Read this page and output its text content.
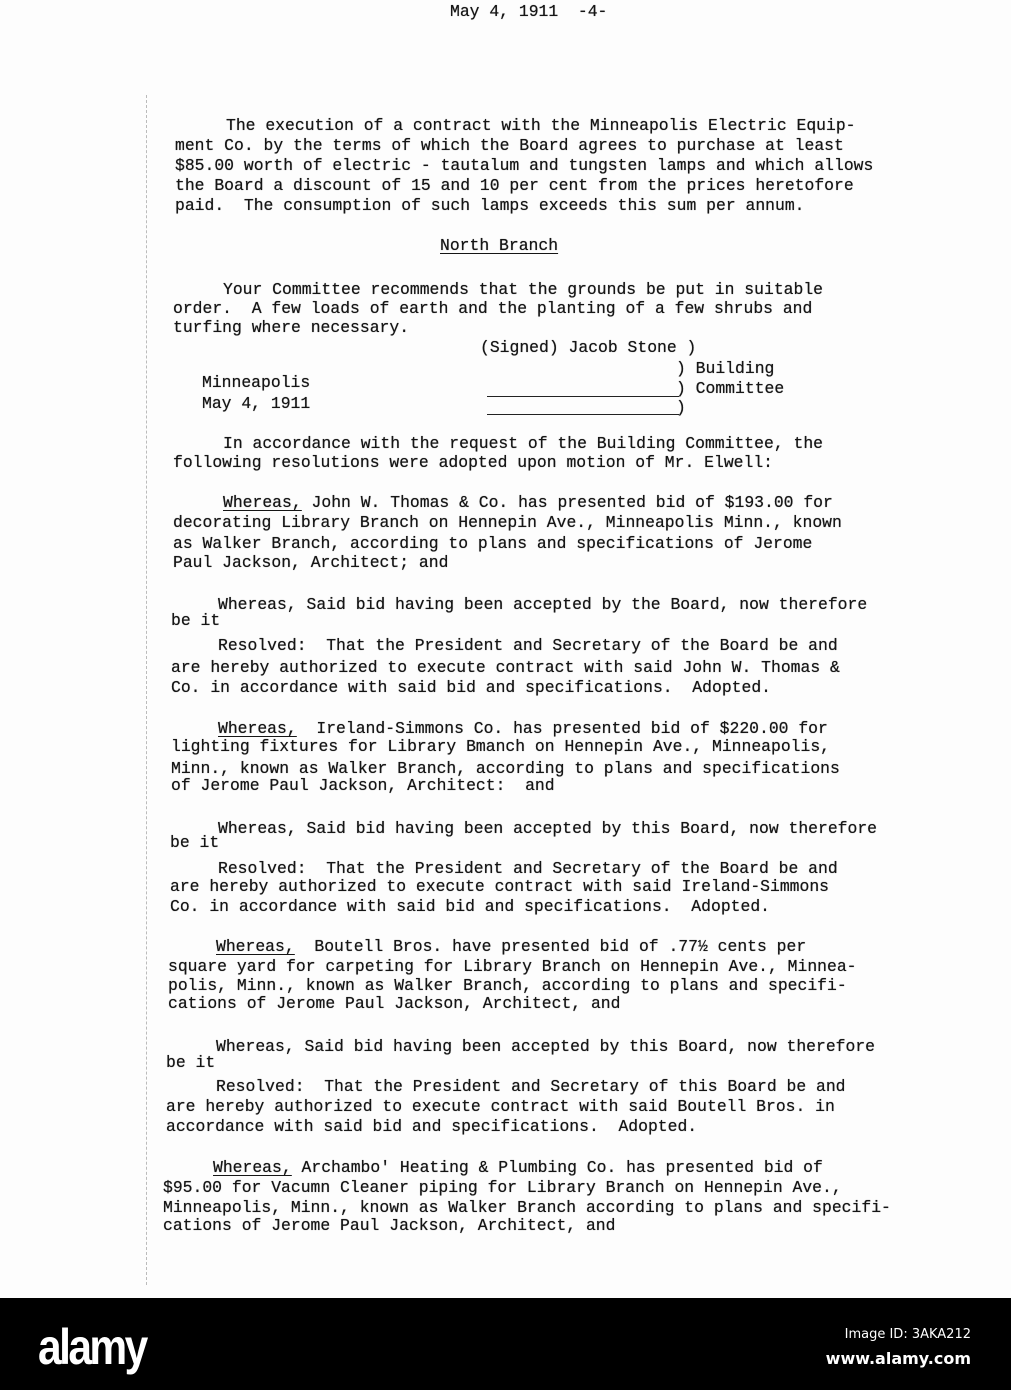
May 4, 1911  -4-
The execution of a contract with the Minneapolis Electric Equip-
ment Co. by the terms of which the Board agrees to purchase at least
$85.00 worth of electric - tautalum and tungsten lamps and which allows
the Board a discount of 15 and 10 per cent from the prices heretofore
paid.  The consumption of such lamps exceeds this sum per annum.
North Branch
Your Committee recommends that the grounds be put in suitable
order.  A few loads of earth and the planting of a few shrubs and
turfing where necessary.
(Signed) Jacob Stone )
) Building
Minneapolis	) Committee
May 4, 1911	)
In accordance with the request of the Building Committee, the
following resolutions were adopted upon motion of Mr. Elwell:
Whereas, John W. Thomas & Co. has presented bid of $193.00 for
decorating Library Branch on Hennepin Ave., Minneapolis Minn., known
as Walker Branch, according to plans and specifications of Jerome
Paul Jackson, Architect; and
Whereas, Said bid having been accepted by the Board, now therefore
be it
Resolved:  That the President and Secretary of the Board be and
are hereby authorized to execute contract with said John W. Thomas &
Co. in accordance with said bid and specifications.  Adopted.
Whereas,  Ireland-Simmons Co. has presented bid of $220.00 for
lighting fixtures for Library Bmanch on Hennepin Ave., Minneapolis,
Minn., known as Walker Branch, according to plans and specifications
of Jerome Paul Jackson, Architect:  and
Whereas, Said bid having been accepted by this Board, now therefore
be it
Resolved:  That the President and Secretary of the Board be and
are hereby authorized to execute contract with said Ireland-Simmons
Co. in accordance with said bid and specifications.  Adopted.
Whereas,  Boutell Bros. have presented bid of .77½ cents per
square yard for carpeting for Library Branch on Hennepin Ave., Minnea-
polis, Minn., known as Walker Branch, according to plans and specifi-
cations of Jerome Paul Jackson, Architect, and
Whereas, Said bid having been accepted by this Board, now therefore
be it
Resolved:  That the President and Secretary of this Board be and
are hereby authorized to execute contract with said Boutell Bros. in
accordance with said bid and specifications.  Adopted.
Whereas, Archambo' Heating & Plumbing Co. has presented bid of
$95.00 for Vacumn Cleaner piping for Library Branch on Hennepin Ave.,
Minneapolis, Minn., known as Walker Branch according to plans and specifi-
cations of Jerome Paul Jackson, Architect, and
alamy	Image ID: 3AKA212
www.alamy.com
